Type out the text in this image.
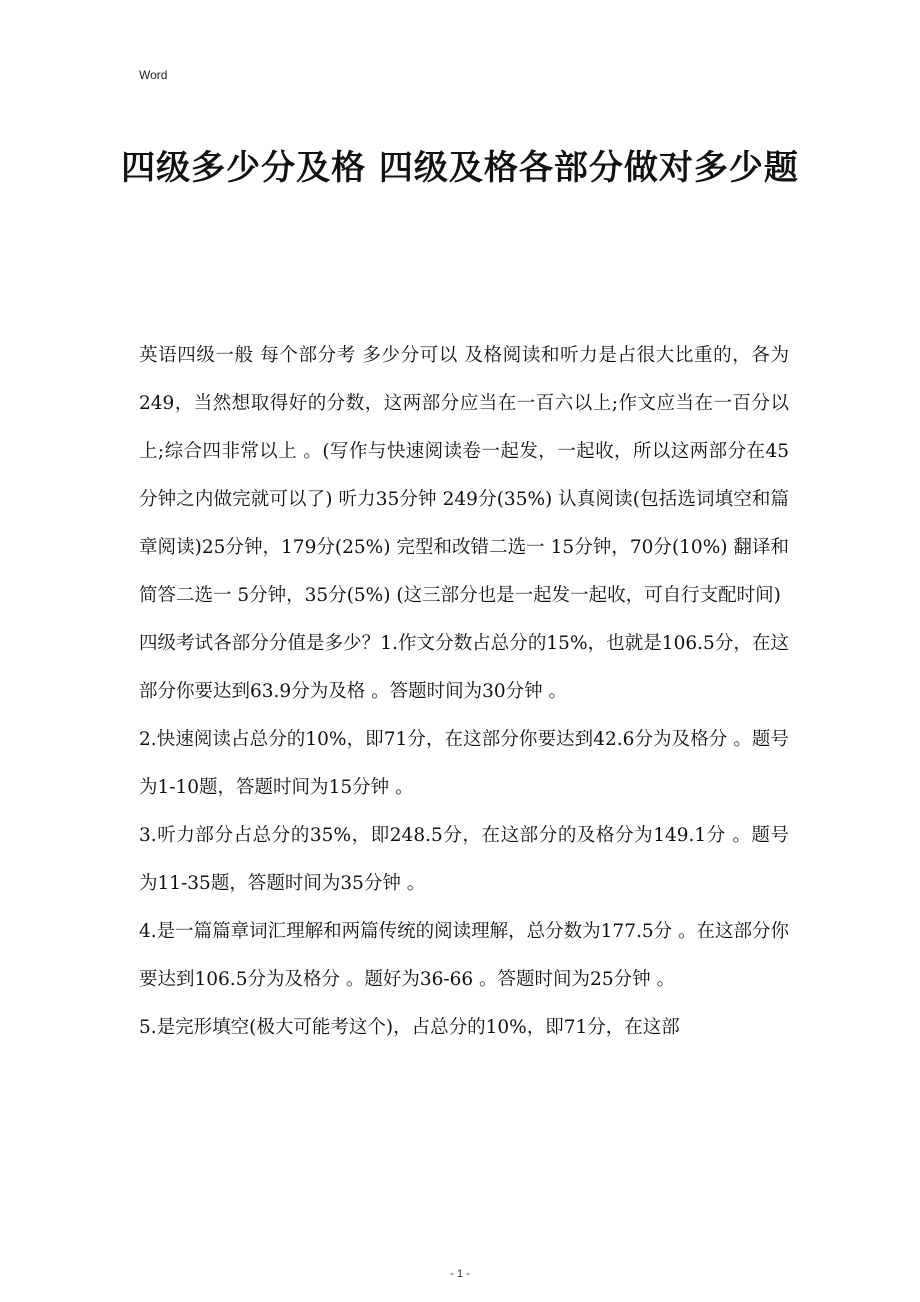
Word
四级多少分及格 四级及格各部分做对多少题

英语四级一般 每个部分考 多少分可以 及格阅读和听力是占很大比重的，各为249，当然想取得好的分数，这两部分应当在一百六以上;作文应当在一百分以上;综合四非常以上 。(写作与快速阅读卷一起发，一起收，所以这两部分在45分钟之内做完就可以了) 听力35分钟 249分(35%) 认真阅读(包括选词填空和篇章阅读)25分钟，179分(25%) 完型和改错二选一 15分钟，70分(10%) 翻译和简答二选一 5分钟，35分(5%) (这三部分也是一起发一起收，可自行支配时间)

四级考试各部分分值是多少？1.作文分数占总分的15%，也就是106.5分，在这部分你要达到63.9分为及格 。答题时间为30分钟 。

2.快速阅读占总分的10%，即71分，在这部分你要达到42.6分为及格分 。题号为1-10题，答题时间为15分钟 。

3.听力部分占总分的35%，即248.5分，在这部分的及格分为149.1分 。题号为11-35题，答题时间为35分钟 。

4.是一篇篇章词汇理解和两篇传统的阅读理解，总分数为177.5分 。在这部分你要达到106.5分为及格分 。题好为36-66 。答题时间为25分钟 。

5.是完形填空(极大可能考这个)，占总分的10%，即71分，在这部

- 1 -
